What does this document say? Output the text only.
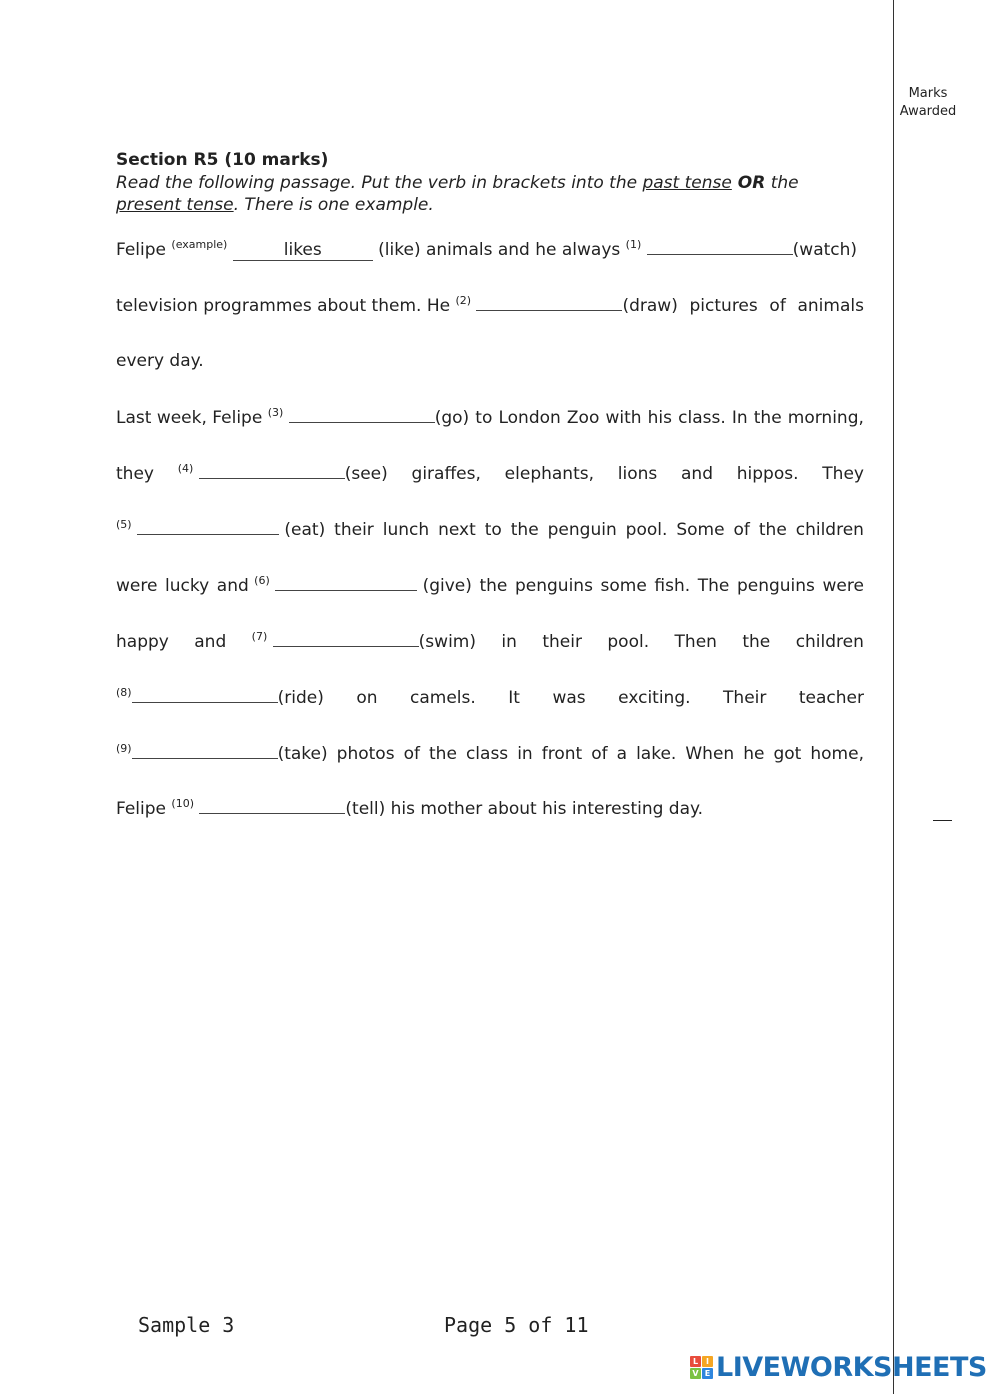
Marks
Awarded
Section R5 (10 marks)
Read the following passage. Put the verb in brackets into the past tense OR the
present tense. There is one example.
Felipe $^{(example)}$	likes	(like) animals and he always $^{(1)}$	(watch)
television programmes about them. He $^{(2)}$	(draw) pictures of animals
every day.
Last week, Felipe $^{(3)}$	(go) to London Zoo with his class. In the morning,
they $^{(4)}$	(see) giraffes, elephants, lions and hippos. They
$^{(5)}$	(eat) their lunch next to the penguin pool. Some of the children
were lucky and $^{(6)}$	(give) the penguins some fish. The penguins were
happy and $^{(7)}$	(swim) in their pool. Then the children
$^{(8)}$	(ride) on camels. It was exciting. Their teacher
$^{(9)}$	(take) photos of the class in front of a lake. When he got home,
Felipe $^{(10)}$	(tell) his mother about his interesting day.
Sample 3	Page 5 of 11
L I
V E LIVEWORKSHEETS
